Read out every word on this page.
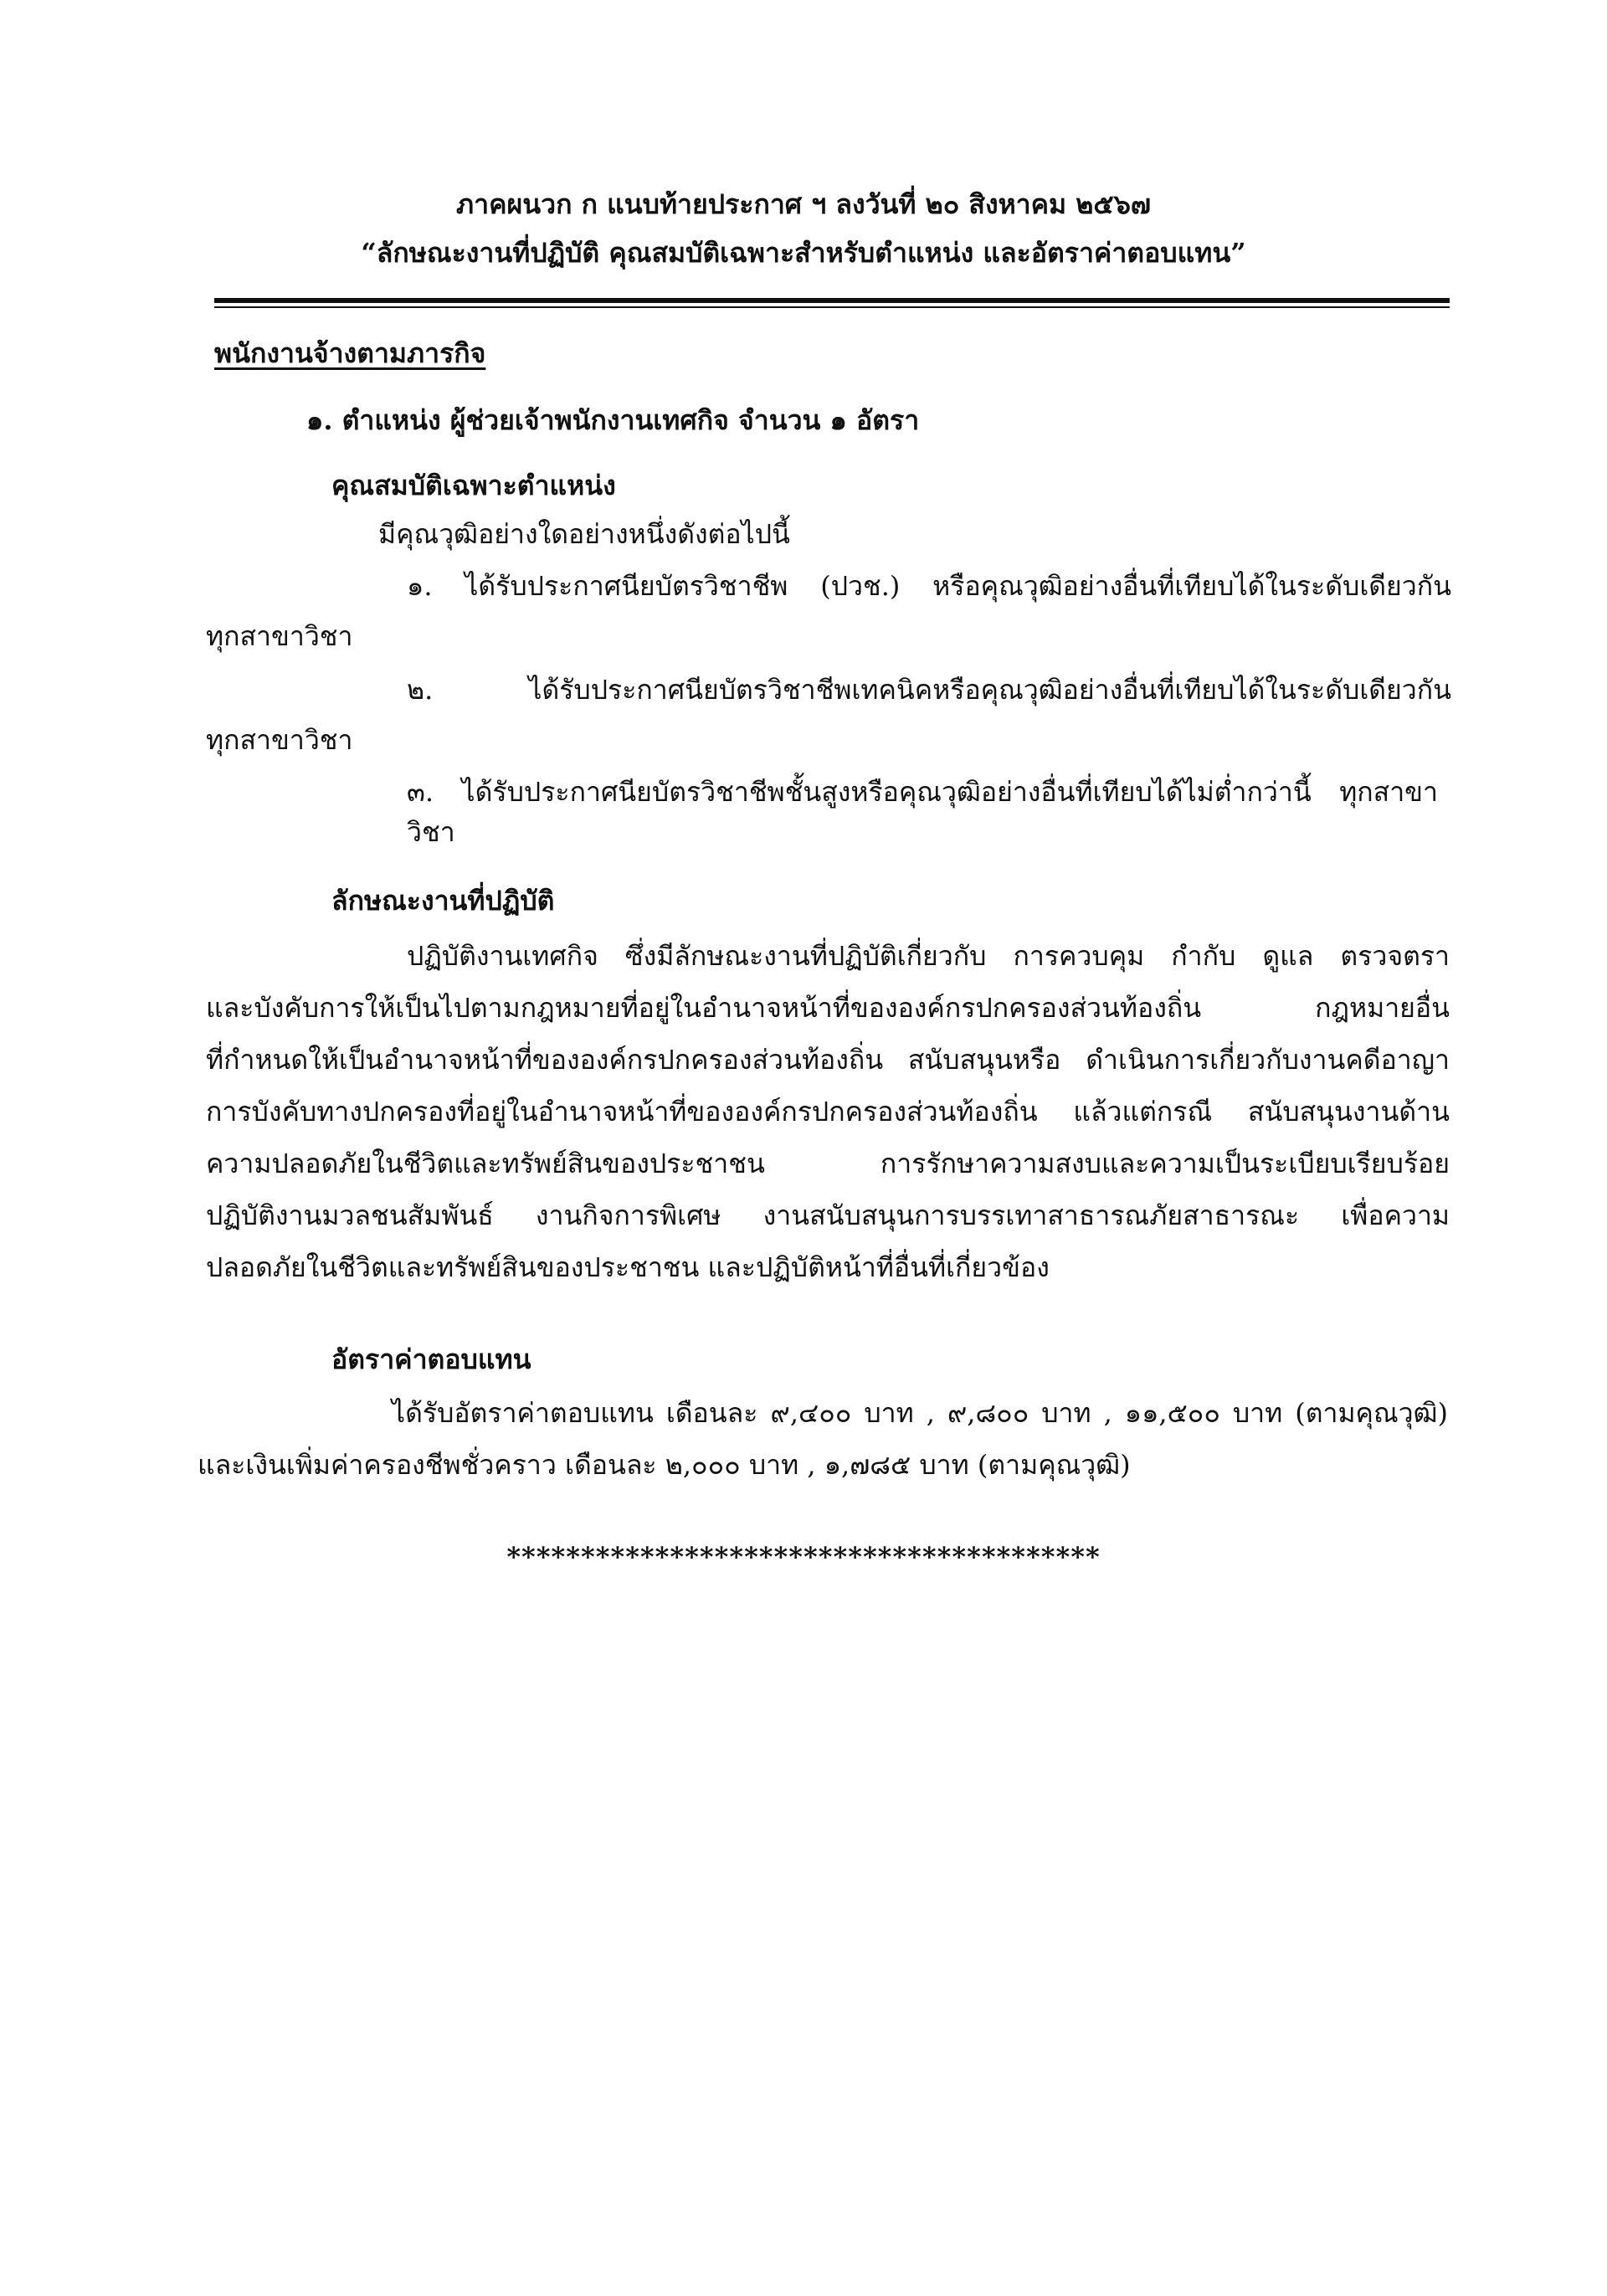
ภาคผนวก ก แนบท้ายประกาศ ฯ ลงวันที่ ๒๐ สิงหาคม ๒๕๖๗
“ลักษณะงานที่ปฏิบัติ คุณสมบัติเฉพาะสำหรับตำแหน่ง และอัตราค่าตอบแทน”
พนักงานจ้างตามภารกิจ
๑. ตำแหน่ง ผู้ช่วยเจ้าพนักงานเทศกิจ จำนวน ๑ อัตรา
คุณสมบัติเฉพาะตำแหน่ง
มีคุณวุฒิอย่างใดอย่างหนึ่งดังต่อไปนี้
๑. ได้รับประกาศนียบัตรวิชาชีพ (ปวช.) หรือคุณวุฒิอย่างอื่นที่เทียบได้ในระดับเดียวกัน
ทุกสาขาวิชา
๒. ได้รับประกาศนียบัตรวิชาชีพเทคนิคหรือคุณวุฒิอย่างอื่นที่เทียบได้ในระดับเดียวกัน
ทุกสาขาวิชา
๓. ได้รับประกาศนียบัตรวิชาชีพชั้นสูงหรือคุณวุฒิอย่างอื่นที่เทียบได้ไม่ต่ำกว่านี้ ทุกสาขาวิชา
ลักษณะงานที่ปฏิบัติ
ปฏิบัติงานเทศกิจ ซึ่งมีลักษณะงานที่ปฏิบัติเกี่ยวกับ การควบคุม กำกับ ดูแล ตรวจตรา
และบังคับการให้เป็นไปตามกฎหมายที่อยู่ในอำนาจหน้าที่ขององค์กรปกครองส่วนท้องถิ่น กฎหมายอื่น
ที่กำหนดให้เป็นอำนาจหน้าที่ขององค์กรปกครองส่วนท้องถิ่น สนับสนุนหรือ ดำเนินการเกี่ยวกับงานคดีอาญา
การบังคับทางปกครองที่อยู่ในอำนาจหน้าที่ขององค์กรปกครองส่วนท้องถิ่น แล้วแต่กรณี สนับสนุนงานด้าน
ความปลอดภัยในชีวิตและทรัพย์สินของประชาชน การรักษาความสงบและความเป็นระเบียบเรียบร้อย
ปฏิบัติงานมวลชนสัมพันธ์ งานกิจการพิเศษ งานสนับสนุนการบรรเทาสาธารณภัยสาธารณะ เพื่อความ
ปลอดภัยในชีวิตและทรัพย์สินของประชาชน และปฏิบัติหน้าที่อื่นที่เกี่ยวข้อง
อัตราค่าตอบแทน
ได้รับอัตราค่าตอบแทน เดือนละ ๙,๔๐๐ บาท , ๙,๘๐๐ บาท , ๑๑,๕๐๐ บาท (ตามคุณวุฒิ)
และเงินเพิ่มค่าครองชีพชั่วคราว เดือนละ ๒,๐๐๐ บาท , ๑,๗๘๕ บาท (ตามคุณวุฒิ)
****************************************
